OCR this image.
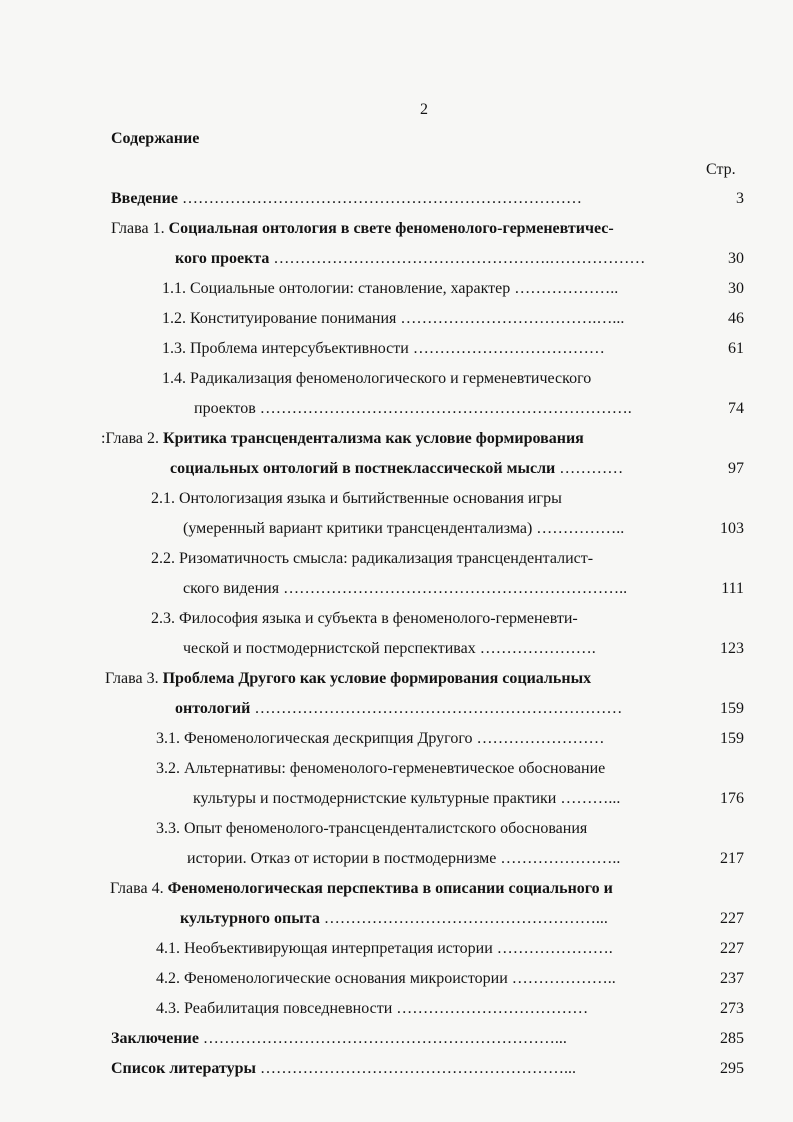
2
Содержание
Стр.
Введение …………………………………………………………………	3
Глава 1. Социальная онтология в свете феноменолого-герменевтичес-
кого проекта …………………………………………….………………	30
1.1. Социальные онтологии: становление, характер ………………..	30
1.2. Конституирование понимания ……………………………….…...	46
1.3. Проблема интерсубъективности ………………………………	61
1.4. Радикализация феноменологического и герменевтического
проектов …………………………………………………………….	74
:Глава 2. Критика трансцендентализма как условие формирования
социальных онтологий в постнеклассической мысли …………	97
2.1. Онтологизация языка и бытийственные основания игры
(умеренный вариант критики трансцендентализма) ……………..	103
2.2. Ризоматичность смысла: радикализация трансценденталист-
ского видения ………………………………………………………..	111
2.3. Философия языка и субъекта в феноменолого-герменевти-
ческой и постмодернистской перспективах ………………….	123
Глава 3. Проблема Другого как условие формирования социальных
онтологий ……………………………………………………………	159
3.1. Феноменологическая дескрипция Другого ……………………	159
3.2. Альтернативы: феноменолого-герменевтическое обоснование
культуры и постмодернистские культурные практики ………...	176
3.3. Опыт феноменолого-трансценденталистского обоснования
истории. Отказ от истории в постмодернизме …………………..	217
Глава 4. Феноменологическая перспектива в описании социального и
культурного опыта ……………………………………………...	227
4.1. Необъективирующая интерпретация истории ………………….	227
4.2. Феноменологические основания микроистории ………………..	237
4.3. Реабилитация повседневности ………………………………	273
Заключение …………………………………………………………...	285
Список литературы …………………………………………………...	295
